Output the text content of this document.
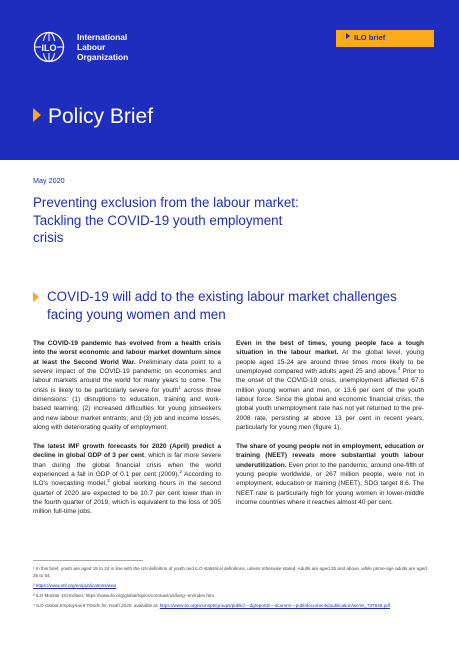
ILO
International
Labour
Organization
ILO brief
Policy Brief
May 2020
Preventing exclusion from the labour market: Tackling the COVID-19 youth employment crisis
COVID-19 will add to the existing labour market challenges facing young women and men

The COVID-19 pandemic has evolved from a health crisis into the worst economic and labour market downturn since at least the Second World War. Preliminary data point to a severe impact of the COVID-19 pandemic on economies and labour markets around the world for many years to come. The crisis is likely to be particularly severe for youth$^1$ across three dimensions: (1) disruptions to education, training and work-based learning; (2) increased difficulties for young jobseekers and new labour market entrants; and (3) job and income losses, along with deteriorating quality of employment.

The latest IMF growth forecasts for 2020 (April) predict a decline in global GDP of 3 per cent, which is far more severe than during the global financial crisis when the world experienced a fall in GDP of 0.1 per cent (2009).$^2$ According to ILO's nowcasting model,$^3$ global working hours in the second quarter of 2020 are expected to be 10.7 per cent lower than in the fourth quarter of 2019, which is equivalent to the loss of 305 million full-time jobs.

Even in the best of times, young people face a tough situation in the labour market. At the global level, young people aged 15-24 are around three times more likely to be unemployed compared with adults aged 25 and above.$^4$ Prior to the onset of the COVID-19 crisis, unemployment affected 67.6 million young women and men, or 13.6 per cent of the youth labour force. Since the global and economic financial crisis, the global youth unemployment rate has not yet returned to the pre-2008 rate, persisting at above 13 per cent in recent years, particularly for young men (figure 1).

The share of young people not in employment, education or training (NEET) reveals more substantial youth labour underutilization. Even prior to the pandemic, around one-fifth of young people worldwide, or 267 million people, were not in employment, education or training (NEET), SDG target 8.6. The NEET rate is particularly high for young women in lower-middle income countries where it reaches almost 40 per cent.

¹ In this brief, youth are aged 15 to 24 in line with the UN definition of youth and ILO statistical definitions, unless otherwise stated. Adults are aged 25 and above, while prime-age adults are aged 25 to 54.
² https://www.imf.org/en/publications/weo
³ ILO Monitor 4rd Edition, https://www.ilo.org/global/topics/coronavirus/lang--en/index.htm
⁴ ILO Global Employment Trends for Youth 2020, available at: https://www.ilo.org/wcmsp5/groups/public/---dgreports/---dcomm/---publ/documents/publication/wcms_737648.pdf
